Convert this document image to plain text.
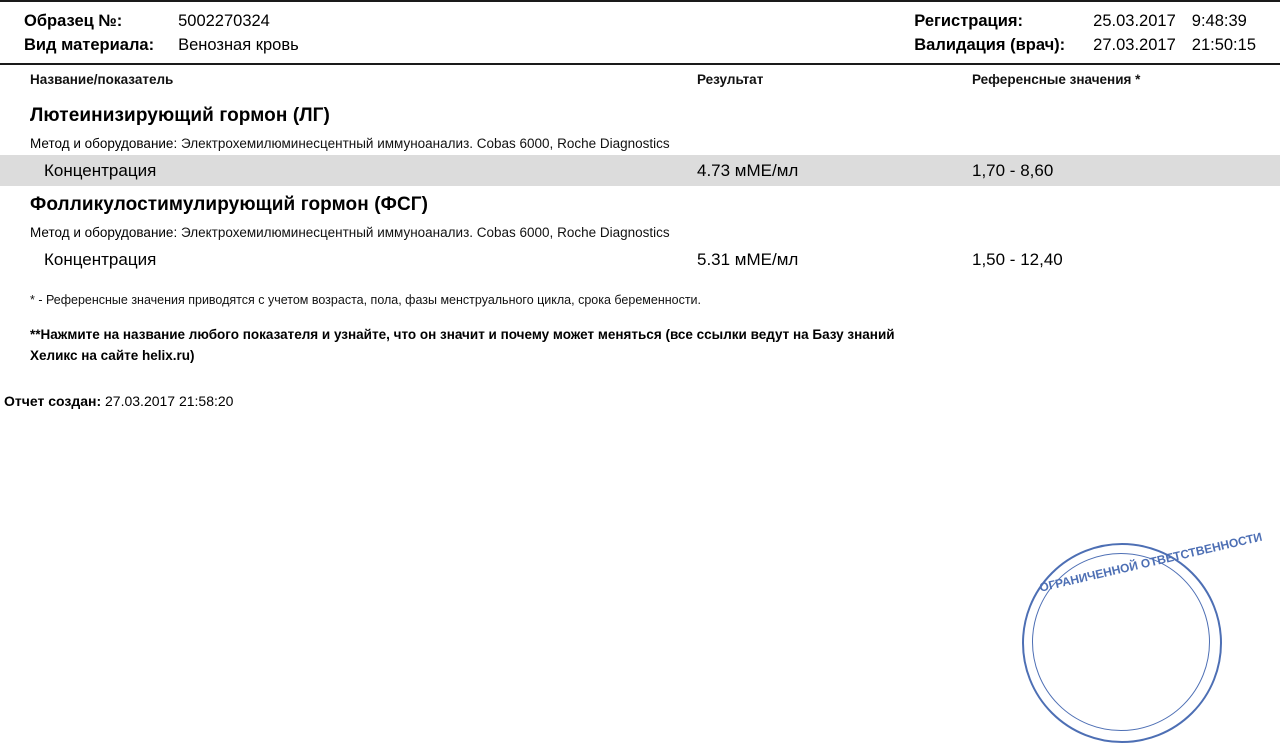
Образец №:	5002270324
Вид материала: Венозная кровь
Регистрация:	25.03.2017 9:48:39
Валидация (врач): 27.03.2017 21:50:15
Название/показатель	Результат	Референсные значения *
Лютеинизирующий гормон (ЛГ)
Метод и оборудование: Электрохемилюминесцентный иммуноанализ. Cobas 6000, Roche Diagnostics
Концентрация	4.73 мМЕ/мл	1,70 - 8,60
Фолликулостимулирующий гормон (ФСГ)
Метод и оборудование: Электрохемилюминесцентный иммуноанализ. Cobas 6000, Roche Diagnostics
Концентрация	5.31 мМЕ/мл	1,50 - 12,40
* - Референсные значения приводятся с учетом возраста, пола, фазы менструального цикла, срока беременности.
**Нажмите на название любого показателя и узнайте, что он значит и почему может меняться (все ссылки ведут на Базу знаний
Хеликс на сайте helix.ru)
Отчет создан: 27.03.2017 21:58:20
ОГРАНИЧЕННОЙ ОТВЕТСТВЕННОСТИ
